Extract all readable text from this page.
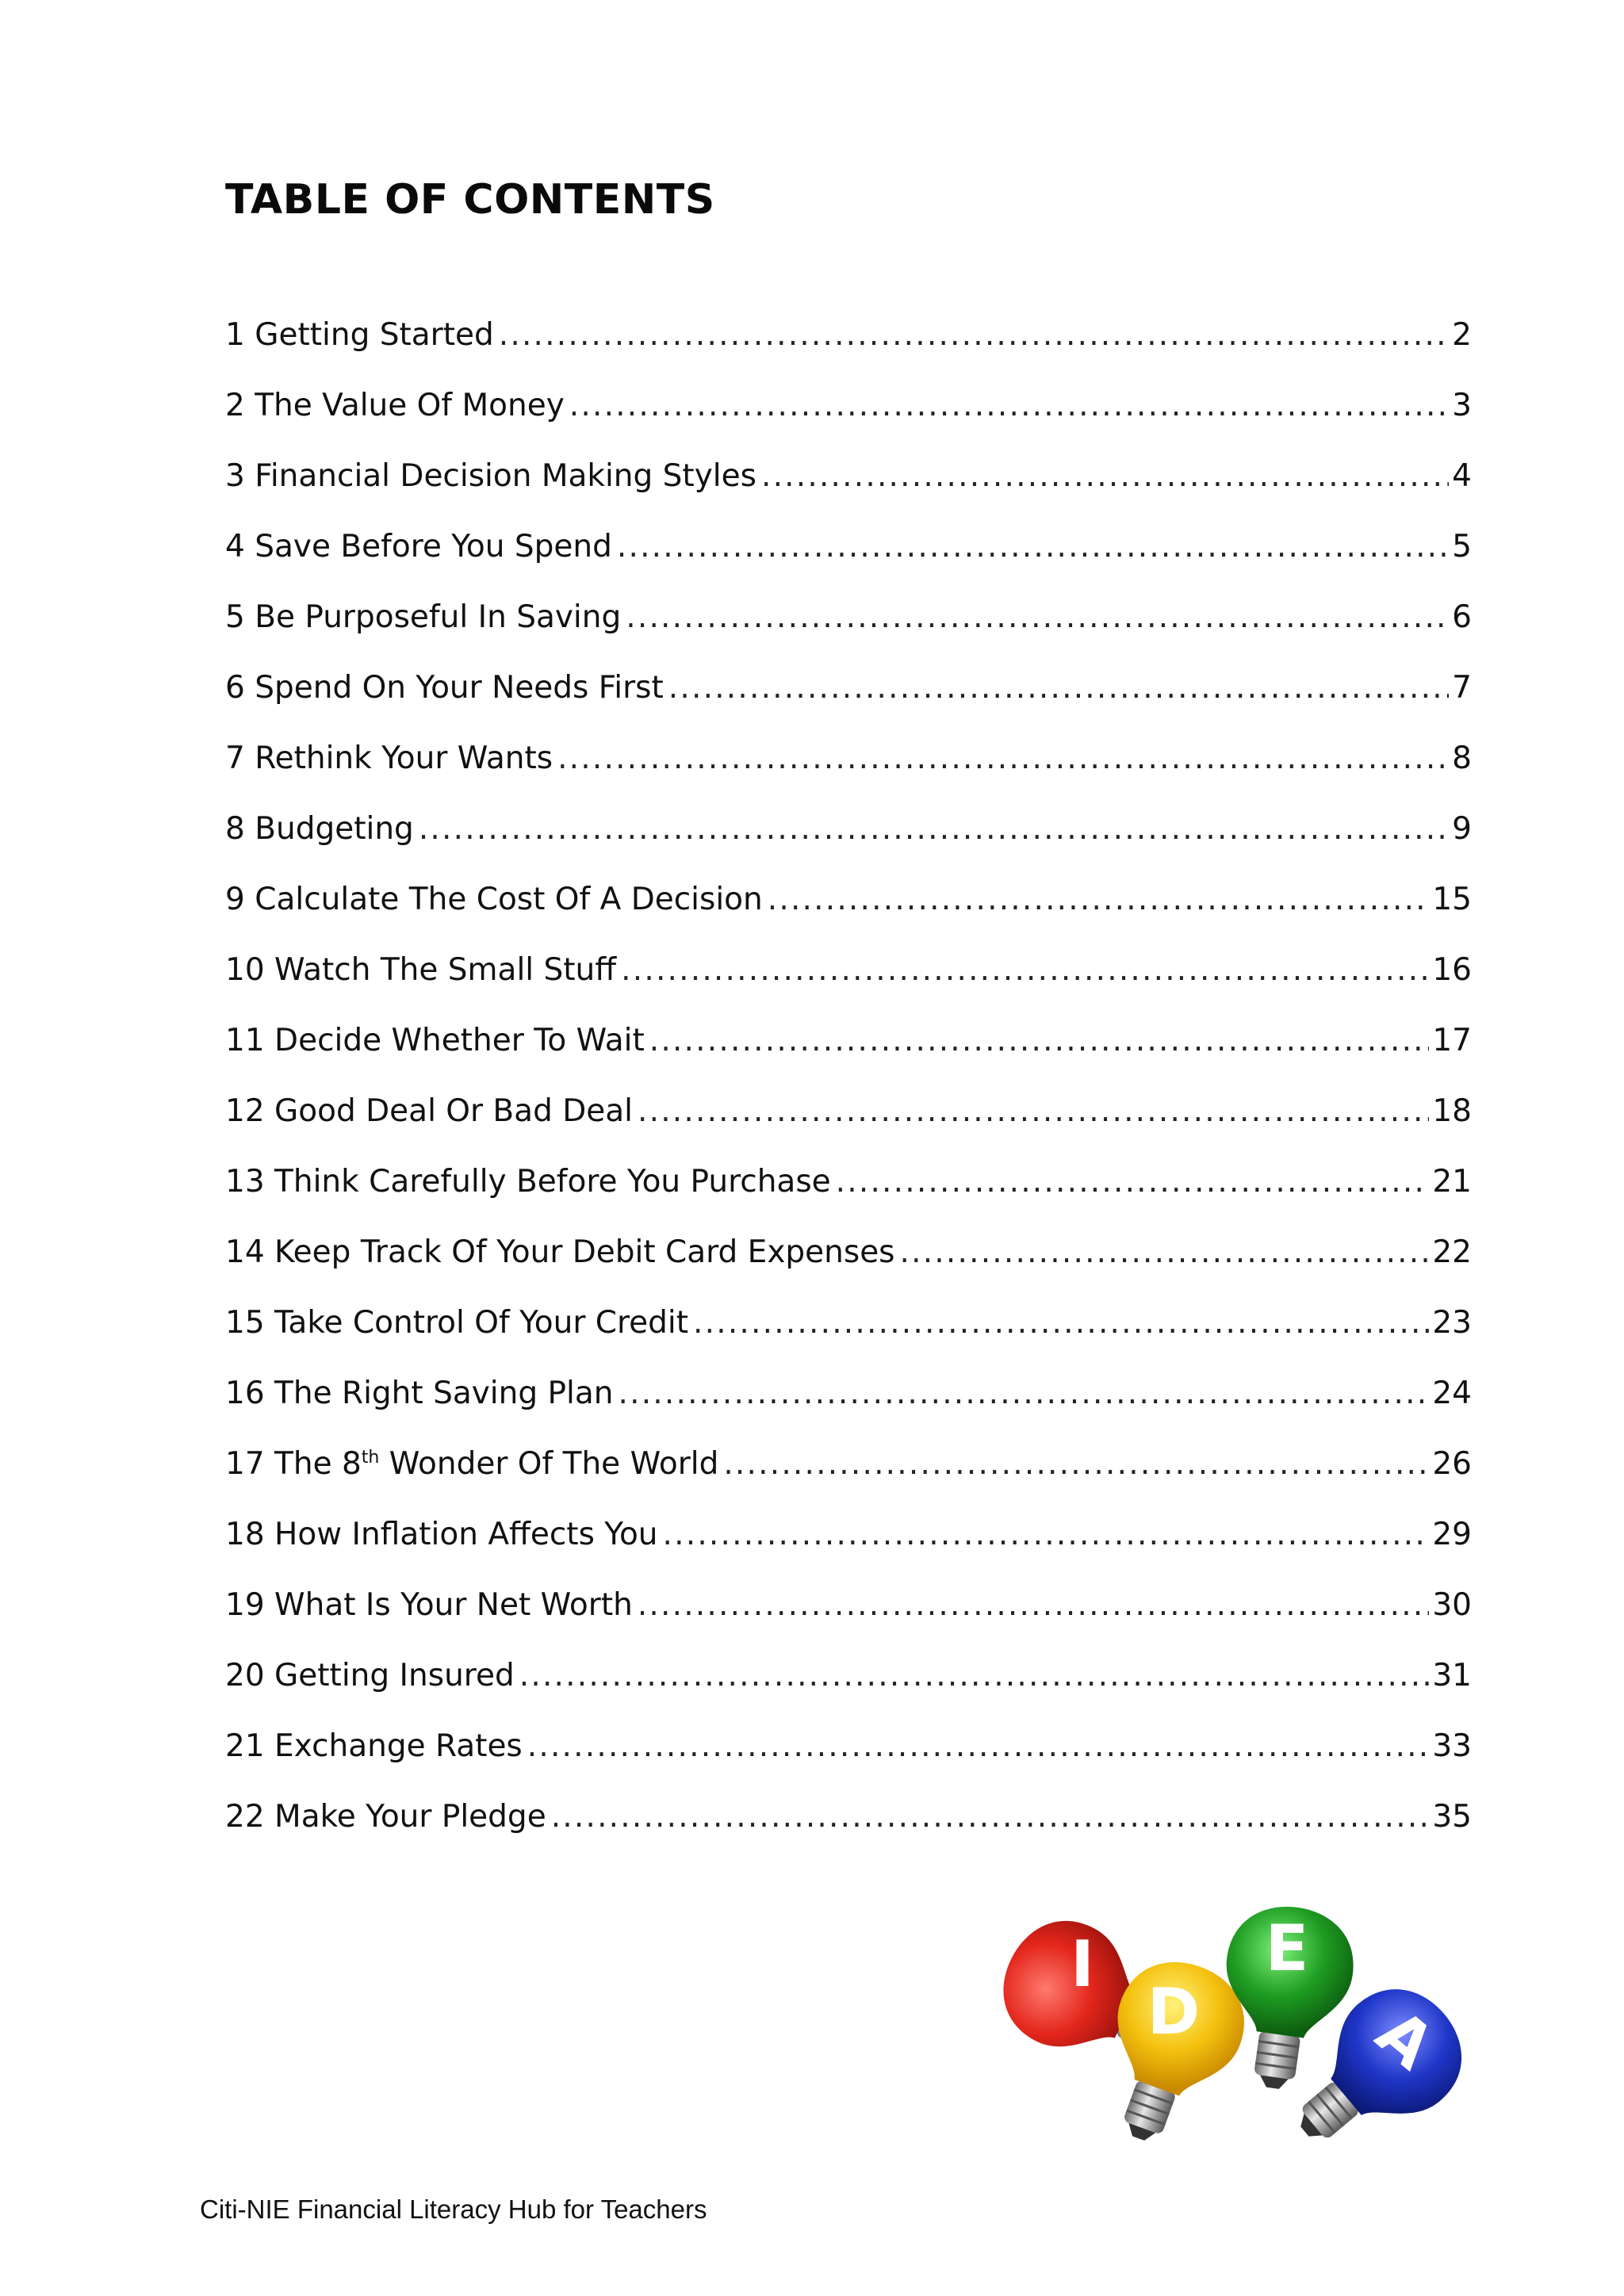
TABLE OF CONTENTS
1 Getting Started .....	2
2 The Value Of Money .....	3
3 Financial Decision Making Styles .....	4
4 Save Before You Spend .....	5
5 Be Purposeful In Saving .....	6
6 Spend On Your Needs First .....	7
7 Rethink Your Wants .....	8
8 Budgeting .....	9
9 Calculate The Cost Of A Decision .....	15
10 Watch The Small Stuff .....	16
11 Decide Whether To Wait .....	17
12 Good Deal Or Bad Deal .....	18
13 Think Carefully Before You Purchase .....	21
14 Keep Track Of Your Debit Card Expenses .....	22
15 Take Control Of Your Credit .....	23
16 The Right Saving Plan .....	24
17 The 8th Wonder Of The World .....	26
18 How Inflation Affects You .....	29
19 What Is Your Net Worth .....	30
20 Getting Insured .....	31
21 Exchange Rates .....	33
22 Make Your Pledge .....	35
I
D
E
A

Citi-NIE Financial Literacy Hub for Teachers
